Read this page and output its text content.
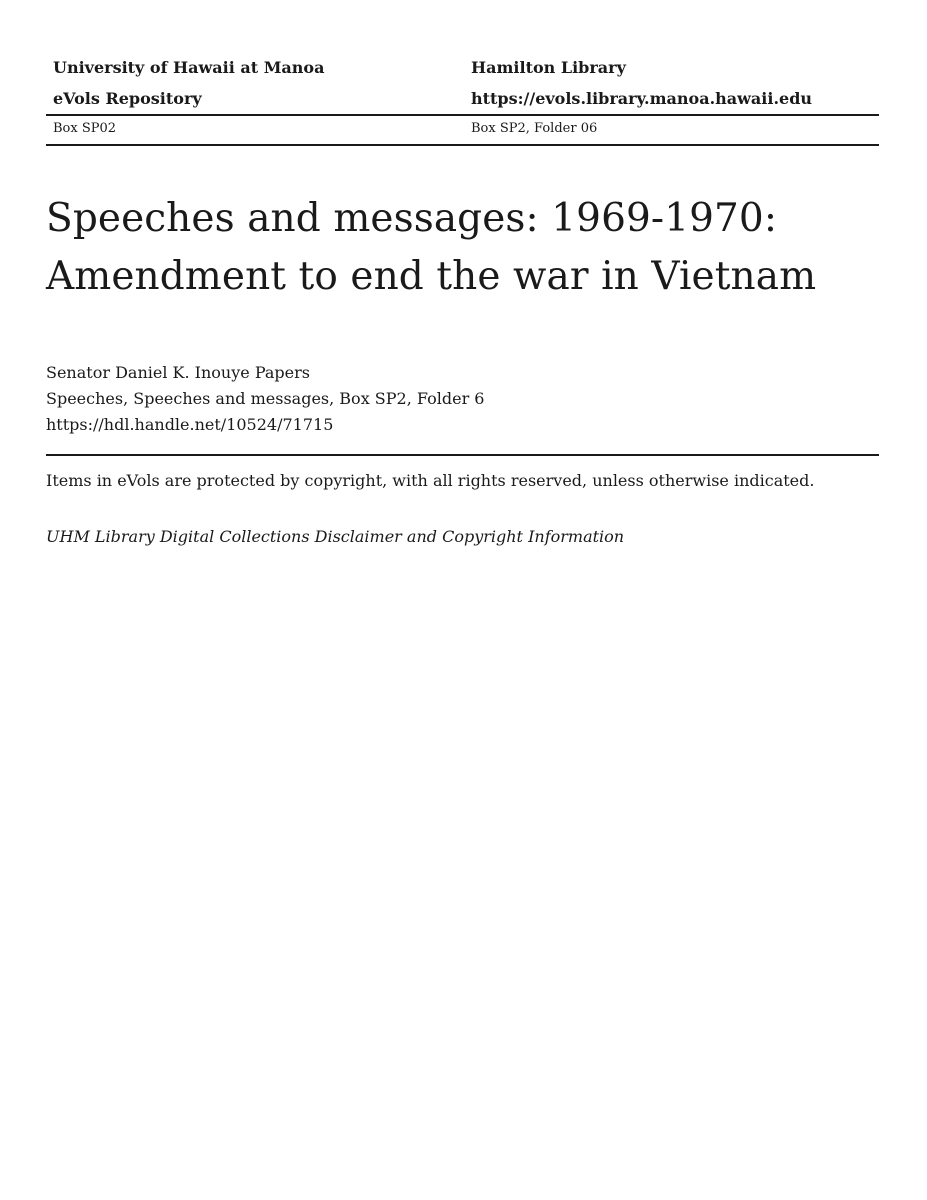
University of Hawaii at Manoa	Hamilton Library
eVols Repository	https://evols.library.manoa.hawaii.edu
Box SP02	Box SP2, Folder 06
Speeches and messages: 1969-1970:
Amendment to end the war in Vietnam
Senator Daniel K. Inouye Papers
Speeches, Speeches and messages, Box SP2, Folder 6
https://hdl.handle.net/10524/71715
Items in eVols are protected by copyright, with all rights reserved, unless otherwise indicated.
UHM Library Digital Collections Disclaimer and Copyright Information
